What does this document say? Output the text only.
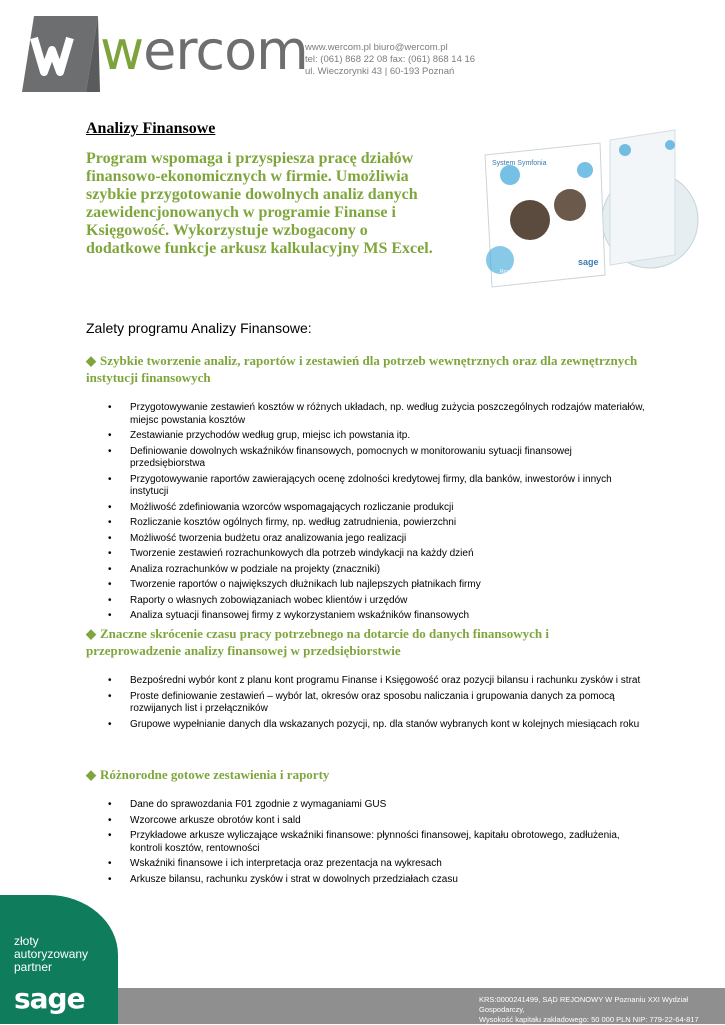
wercom
www.wercom.pl biuro@wercom.pl
tel: (061) 868 22 08 fax: (061) 868 14 16
ul. Wieczorynki 43 | 60-193 Poznań
Analizy Finansowe
Program wspomaga i przyspiesza pracę działów finansowo-ekonomicznych w firmie. Umożliwia szybkie przygotowanie dowolnych analiz danych zaewidencjonowanych w programie Finanse i Księgowość. Wykorzystuje wzbogacony o dodatkowe funkcje arkusz kalkulacyjny MS Excel.
System Symfonia
sage
Rozwiązanie pewne dzisiaj
Zalety programu Analizy Finansowe:
◆ Szybkie tworzenie analiz, raportów i zestawień dla potrzeb wewnętrznych oraz dla zewnętrznych instytucji finansowych
• Przygotowywanie zestawień kosztów w różnych układach, np. według zużycia poszczególnych rodzajów materiałów, miejsc powstania kosztów
• Zestawianie przychodów według grup, miejsc ich powstania itp.
• Definiowanie dowolnych wskaźników finansowych, pomocnych w monitorowaniu sytuacji finansowej przedsiębiorstwa
• Przygotowywanie raportów zawierających ocenę zdolności kredytowej firmy, dla banków, inwestorów i innych instytucji
• Możliwość zdefiniowania wzorców wspomagających rozliczanie produkcji
• Rozliczanie kosztów ogólnych firmy, np. według zatrudnienia, powierzchni
• Możliwość tworzenia budżetu oraz analizowania jego realizacji
• Tworzenie zestawień rozrachunkowych dla potrzeb windykacji na każdy dzień
• Analiza rozrachunków w podziale na projekty (znaczniki)
• Tworzenie raportów o największych dłużnikach lub najlepszych płatnikach firmy
• Raporty o własnych zobowiązaniach wobec klientów i urzędów
• Analiza sytuacji finansowej firmy z wykorzystaniem wskaźników finansowych
◆ Znaczne skrócenie czasu pracy potrzebnego na dotarcie do danych finansowych i przeprowadzenie analizy finansowej w przedsiębiorstwie
• Bezpośredni wybór kont z planu kont programu Finanse i Księgowość oraz pozycji bilansu i rachunku zysków i strat
• Proste definiowanie zestawień – wybór lat, okresów oraz sposobu naliczania i grupowania danych za pomocą rozwijanych list i przełączników
• Grupowe wypełnianie danych dla wskazanych pozycji, np. dla stanów wybranych kont w kolejnych miesiącach roku
◆ Różnorodne gotowe zestawienia i raporty
• Dane do sprawozdania F01 zgodnie z wymaganiami GUS
• Wzorcowe arkusze obrotów kont i sald
• Przykładowe arkusze wyliczające wskaźniki finansowe: płynności finansowej, kapitału obrotowego, zadłużenia, kontroli kosztów, rentowności
• Wskaźniki finansowe i ich interpretacja oraz prezentacja na wykresach
• Arkusze bilansu, rachunku zysków i strat w dowolnych przedziałach czasu
złoty
autoryzowany
partner
sage	KRS:0000241499, SĄD REJONOWY W Poznaniu XXI Wydział Gospodarczy,
Wysokość kapitału zakładowego: 50 000 PLN NIP: 779-22-64-817
